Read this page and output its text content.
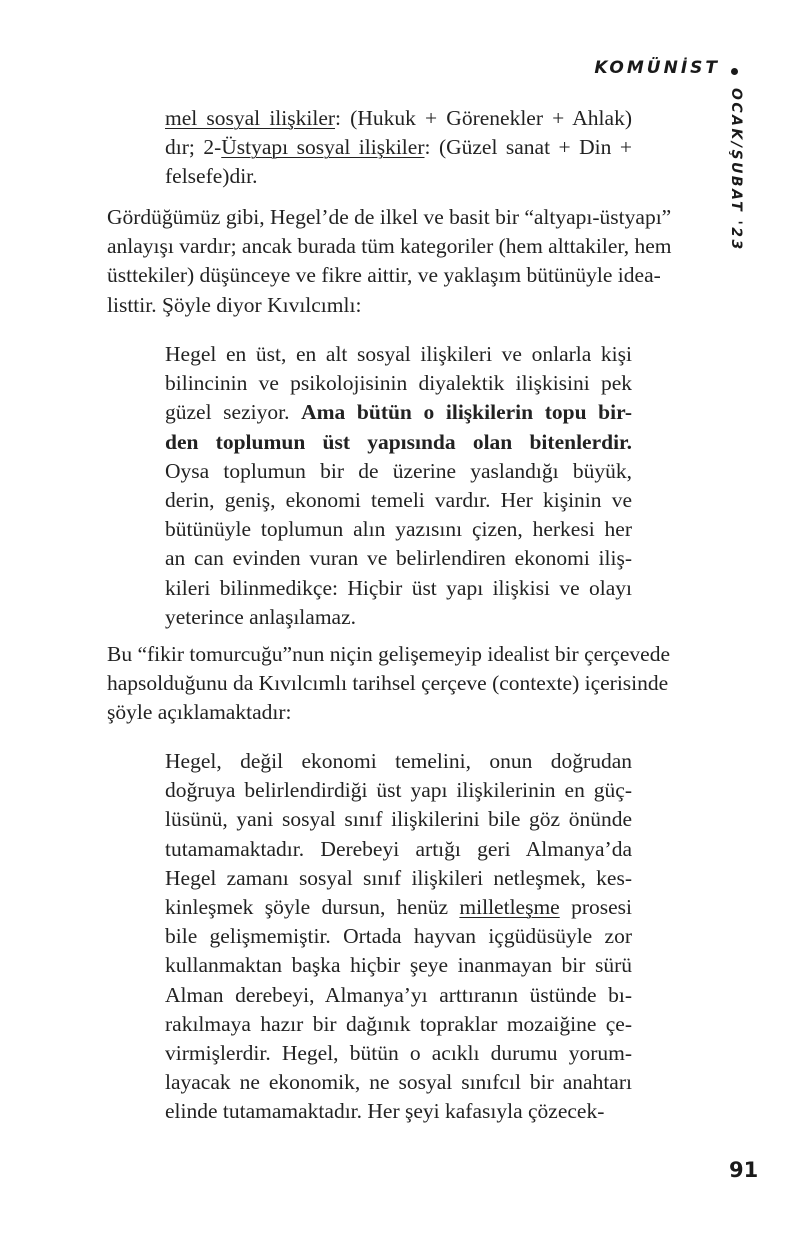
KOMÜNİST
OCAK/ŞUBAT '23
mel sosyal ilişkiler: (Hukuk + Görenekler + Ahlak)
dır; 2-Üstyapı sosyal ilişkiler: (Güzel sanat + Din +
felsefe)dir.
Gördüğümüz gibi, Hegel’de de ilkel ve basit bir “altyapı-üstyapı”
anlayışı vardır; ancak burada tüm kategoriler (hem alttakiler, hem
üsttekiler) düşünceye ve fikre aittir, ve yaklaşım bütünüyle idea-
listtir. Şöyle diyor Kıvılcımlı:
Hegel en üst, en alt sosyal ilişkileri ve onlarla kişi
bilincinin ve psikolojisinin diyalektik ilişkisini pek
güzel seziyor. Ama bütün o ilişkilerin topu bir-
den toplumun üst yapısında olan bitenlerdir.
Oysa toplumun bir de üzerine yaslandığı büyük,
derin, geniş, ekonomi temeli vardır. Her kişinin ve
bütünüyle toplumun alın yazısını çizen, herkesi her
an can evinden vuran ve belirlendiren ekonomi iliş-
kileri bilinmedikçe: Hiçbir üst yapı ilişkisi ve olayı
yeterince anlaşılamaz.
Bu “fikir tomurcuğu”nun niçin gelişemeyip idealist bir çerçevede
hapsolduğunu da Kıvılcımlı tarihsel çerçeve (contexte) içerisinde
şöyle açıklamaktadır:
Hegel, değil ekonomi temelini, onun doğrudan
doğruya belirlendirdiği üst yapı ilişkilerinin en güç-
lüsünü, yani sosyal sınıf ilişkilerini bile göz önünde
tutamamaktadır. Derebeyi artığı geri Almanya’da
Hegel zamanı sosyal sınıf ilişkileri netleşmek, kes-
kinleşmek şöyle dursun, henüz milletleşme prosesi
bile gelişmemiştir. Ortada hayvan içgüdüsüyle zor
kullanmaktan başka hiçbir şeye inanmayan bir sürü
Alman derebeyi, Almanya’yı arttıranın üstünde bı-
rakılmaya hazır bir dağınık topraklar mozaiğine çe-
virmişlerdir. Hegel, bütün o acıklı durumu yorum-
layacak ne ekonomik, ne sosyal sınıfcıl bir anahtarı
elinde tutamamaktadır. Her şeyi kafasıyla çözecek-
91
